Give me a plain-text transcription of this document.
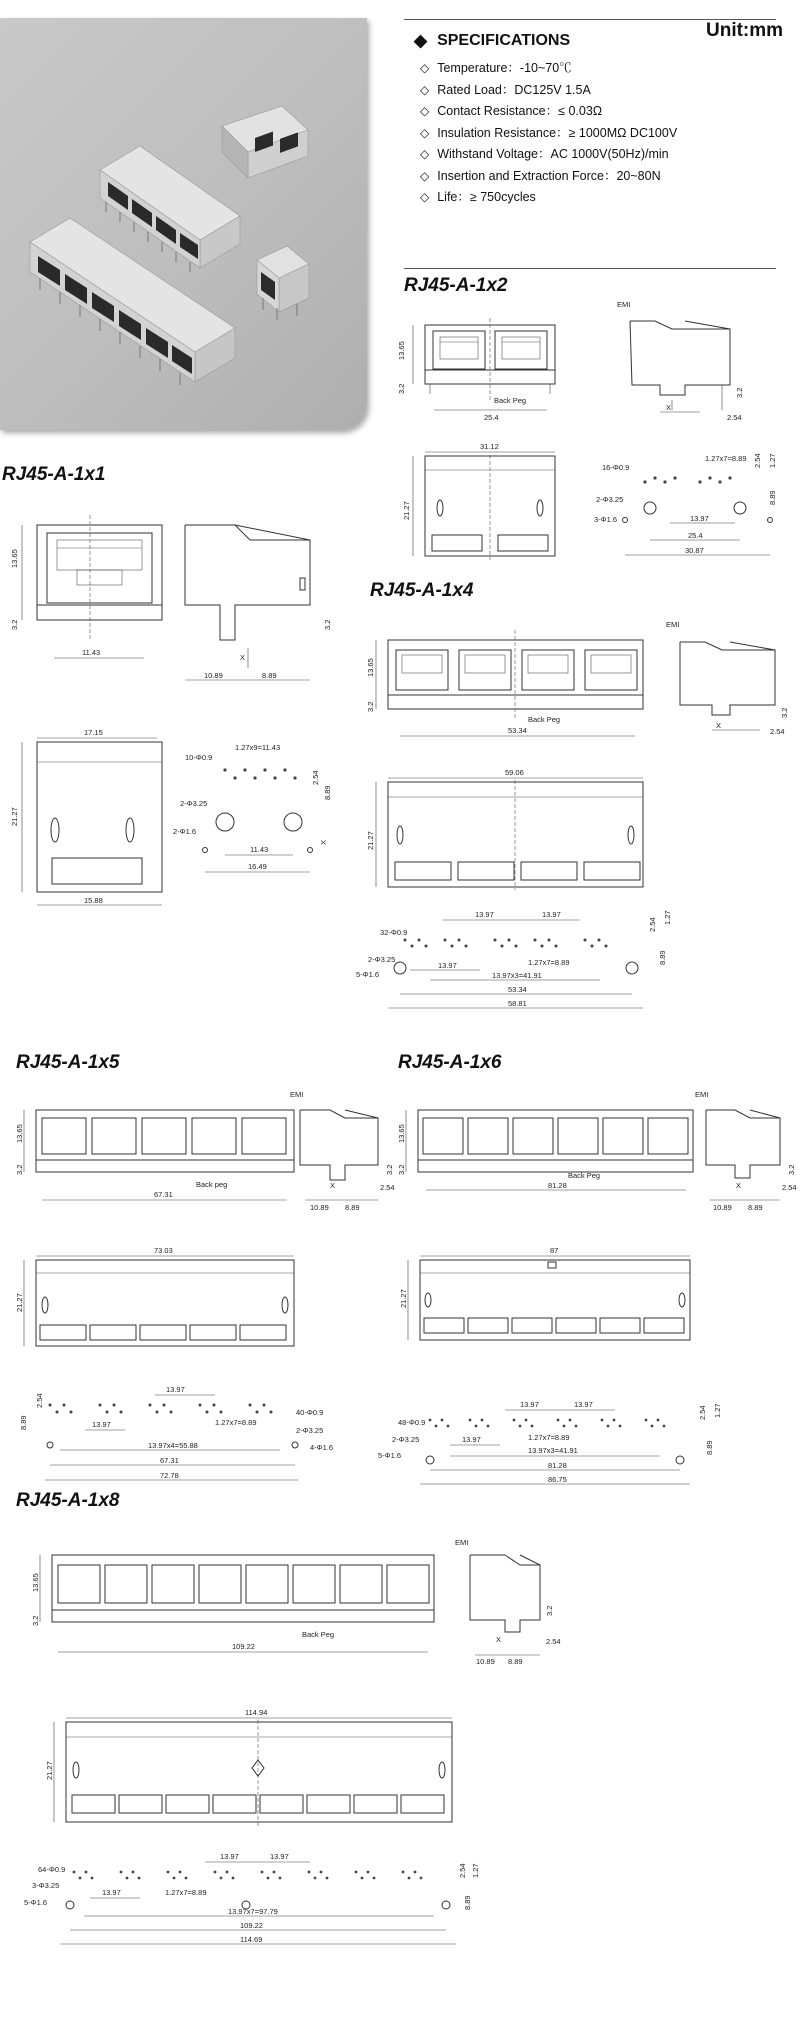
Unit:mm
◆ SPECIFICATIONS
◇ Temperature：-10~70℃
◇ Rated Load：DC125V 1.5A
◇ Contact Resistance：≤ 0.03Ω
◇ Insulation Resistance：≥ 1000MΩ DC100V
◇ Withstand Voltage：AC 1000V(50Hz)/min
◇ Insertion and Extraction Force：20~80N
◇ Life：≥ 750cycles
RJ45-A-1x2
RJ45-A-1x1
RJ45-A-1x4
RJ45-A-1x5	RJ45-A-1x6
RJ45-A-1x8
13.65
3.2
25.4
Back Peg
EMI
X
2.54
3.2
31.12
21.27
16-Φ0.9
1.27x7=8.89
2-Φ3.25
3-Φ1.6	13.97
25.4
30.87
2.54 1.27
8.89
13.65
3.2
11.43
X
10.89	8.89
3.2
17.15
21.27
15.88
10-Φ0.9
1.27x9=11.43
2-Φ3.25
2-Φ1.6
11.43
16.49
2.54
8.89
X
13.65
3.2
53.34
Back Peg
EMI
X
2.54
3.2
59.06
21.27
32-Φ0.9
2-Φ3.25
5-Φ1.6
13.97	13.97
13.97	1.27x7=8.89
13.97x3=41.91
53.34
58.81
2.54 1.27
8.89
13.65
3.2
67.31
Back peg
EMI
X
10.89 8.89
2.54
3.2
73.03
21.27
13.97
40-Φ0.9
2-Φ3.25
4-Φ1.6
13.97	1.27x7=8.89
13.97x4=55.88
67.31
72.78
2.54
8.89
13.65
3.2
81.28
Back Peg
EMI
X
10.89 8.89
2.54
3.2
87
21.27
48-Φ0.9
2-Φ3.25
5-Φ1.6
13.97	13.97
13.97	1.27x7=8.89
13.97x3=41.91
81.28
86.75
2.54 1.27
8.89
13.65
3.2
109.22
Back Peg
EMI
X
10.89 8.89
2.54
3.2
114.94
21.27
64-Φ0.9
3-Φ3.25
5-Φ1.6
13.97	13.97
13.97	1.27x7=8.89
13.97x7=97.79
109.22
114.69
2.54 1.27
8.89
